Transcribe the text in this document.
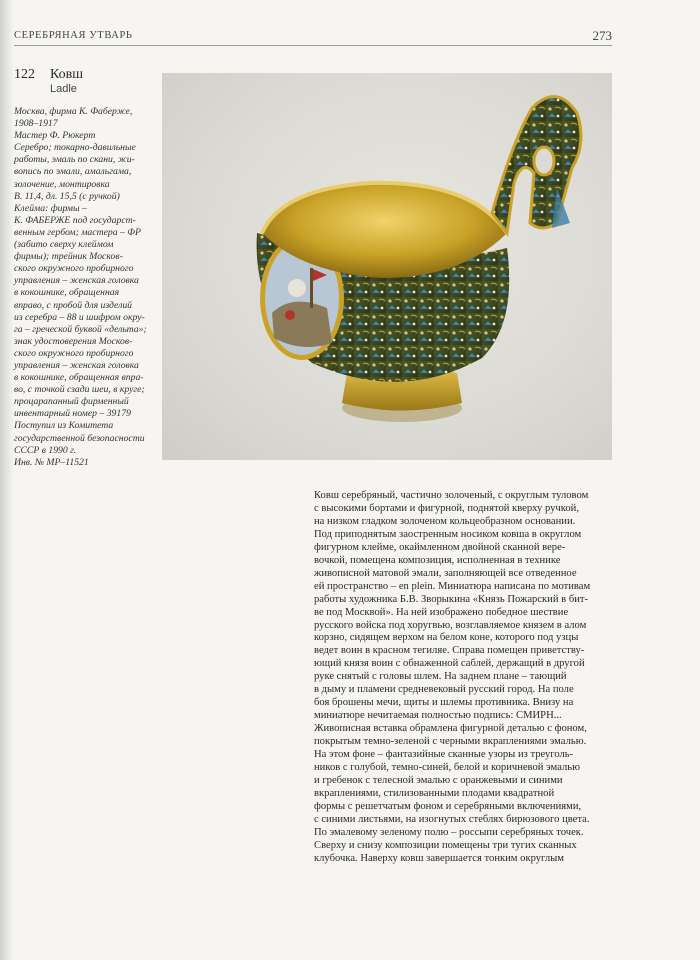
СЕРЕБРЯНАЯ УТВАРЬ	273
122 Ковш
Ladle
Москва, фирма К. Фаберже,
1908–1917
Мастер Ф. Рюкерт
Серебро; токарно-давильные
работы, эмаль по скани, жи-
вопись по эмали, амальгама,
золочение, монтировка
В. 11,4, дл. 15,5 (с ручкой)
Клейма: фирмы –
К. ФАБЕРЖЕ под государст-
венным гербом; мастера – ФР
(забито сверху клеймом
фирмы); трейник Москов-
ского окружного пробирного
управления – женская головка
в кокошнике, обращенная
вправо, с пробой для изделий
из серебра – 88 и шифром окру-
га – греческой буквой «дельта»;
знак удостоверения Москов-
ского окружного пробирного
управления – женская головка
в кокошнике, обращенная впра-
во, с точкой сзади шеи, в круге;
процарапанный фирменный
инвентарный номер – 39179
Поступил из Комитета
государственной безопасности
СССР в 1990 г.
Инв. № МР–11521
Ковш серебряный, частично золоченый, с округлым туловом
с высокими бортами и фигурной, поднятой кверху ручкой,
на низком гладком золоченом кольцеобразном основании.
Под приподнятым заостренным носиком ковша в округлом
фигурном клейме, окаймленном двойной сканной вере-
вочкой, помещена композиция, исполненная в технике
живописной матовой эмали, заполняющей все отведенное
ей пространство – en plein. Миниатюра написана по мотивам
работы художника Б.В. Зворыкина «Князь Пожарский в бит-
ве под Москвой». На ней изображено победное шествие
русского войска под хоругвью, возглавляемое князем в алом
корзно, сидящем верхом на белом коне, которого под узцы
ведет воин в красном тегиляе. Справа помещен приветству-
ющий князя воин с обнаженной саблей, держащий в другой
руке снятый с головы шлем. На заднем плане – тающий
в дыму и пламени средневековый русский город. На поле
боя брошены мечи, щиты и шлемы противника. Внизу на
миниатюре нечитаемая полностью подпись: СМИРН...
Живописная вставка обрамлена фигурной деталью с фоном,
покрытым темно-зеленой с черными вкраплениями эмалью.
На этом фоне – фантазийные сканные узоры из треуголь-
ников с голубой, темно-синей, белой и коричневой эмалью
и гребенок с телесной эмалью с оранжевыми и синими
вкраплениями, стилизованными плодами квадратной
формы с решетчатым фоном и серебряными включениями,
с синими листьями, на изогнутых стеблях бирюзового цвета.
По эмалевому зеленому полю – россыпи серебряных точек.
Сверху и снизу композиции помещены три тугих сканных
клубочка. Наверху ковш завершается тонким округлым
